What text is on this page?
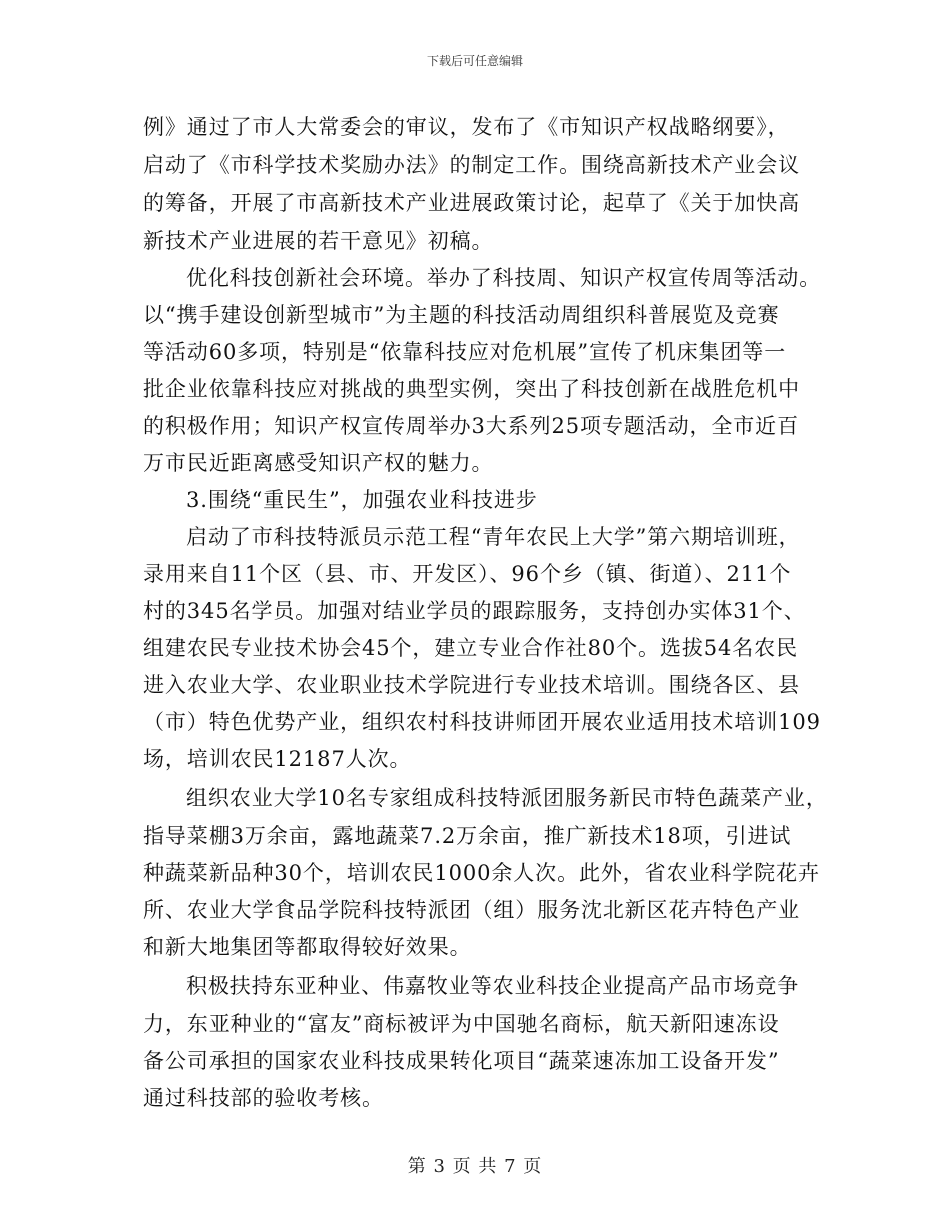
下载后可任意编辑
例》通过了市人大常委会的审议，发布了《市知识产权战略纲要》，
启动了《市科学技术奖励办法》的制定工作。围绕高新技术产业会议
的筹备，开展了市高新技术产业进展政策讨论，起草了《关于加快高
新技术产业进展的若干意见》初稿。
优化科技创新社会环境。举办了科技周、知识产权宣传周等活动。
以“携手建设创新型城市”为主题的科技活动周组织科普展览及竞赛
等活动60多项，特别是“依靠科技应对危机展”宣传了机床集团等一
批企业依靠科技应对挑战的典型实例，突出了科技创新在战胜危机中
的积极作用；知识产权宣传周举办3大系列25项专题活动，全市近百
万市民近距离感受知识产权的魅力。
3.围绕“重民生”，加强农业科技进步
启动了市科技特派员示范工程“青年农民上大学”第六期培训班，
录用来自11个区（县、市、开发区）、96个乡（镇、街道）、211个
村的345名学员。加强对结业学员的跟踪服务，支持创办实体31个、
组建农民专业技术协会45个，建立专业合作社80个。选拔54名农民
进入农业大学、农业职业技术学院进行专业技术培训。围绕各区、县
（市）特色优势产业，组织农村科技讲师团开展农业适用技术培训109
场，培训农民12187人次。
组织农业大学10名专家组成科技特派团服务新民市特色蔬菜产业，
指导菜棚3万余亩，露地蔬菜7.2万余亩，推广新技术18项，引进试
种蔬菜新品种30个，培训农民1000余人次。此外，省农业科学院花卉
所、农业大学食品学院科技特派团（组）服务沈北新区花卉特色产业
和新大地集团等都取得较好效果。
积极扶持东亚种业、伟嘉牧业等农业科技企业提高产品市场竞争
力，东亚种业的“富友”商标被评为中国驰名商标，航天新阳速冻设
备公司承担的国家农业科技成果转化项目“蔬菜速冻加工设备开发”
通过科技部的验收考核。
第 3 页 共 7 页
